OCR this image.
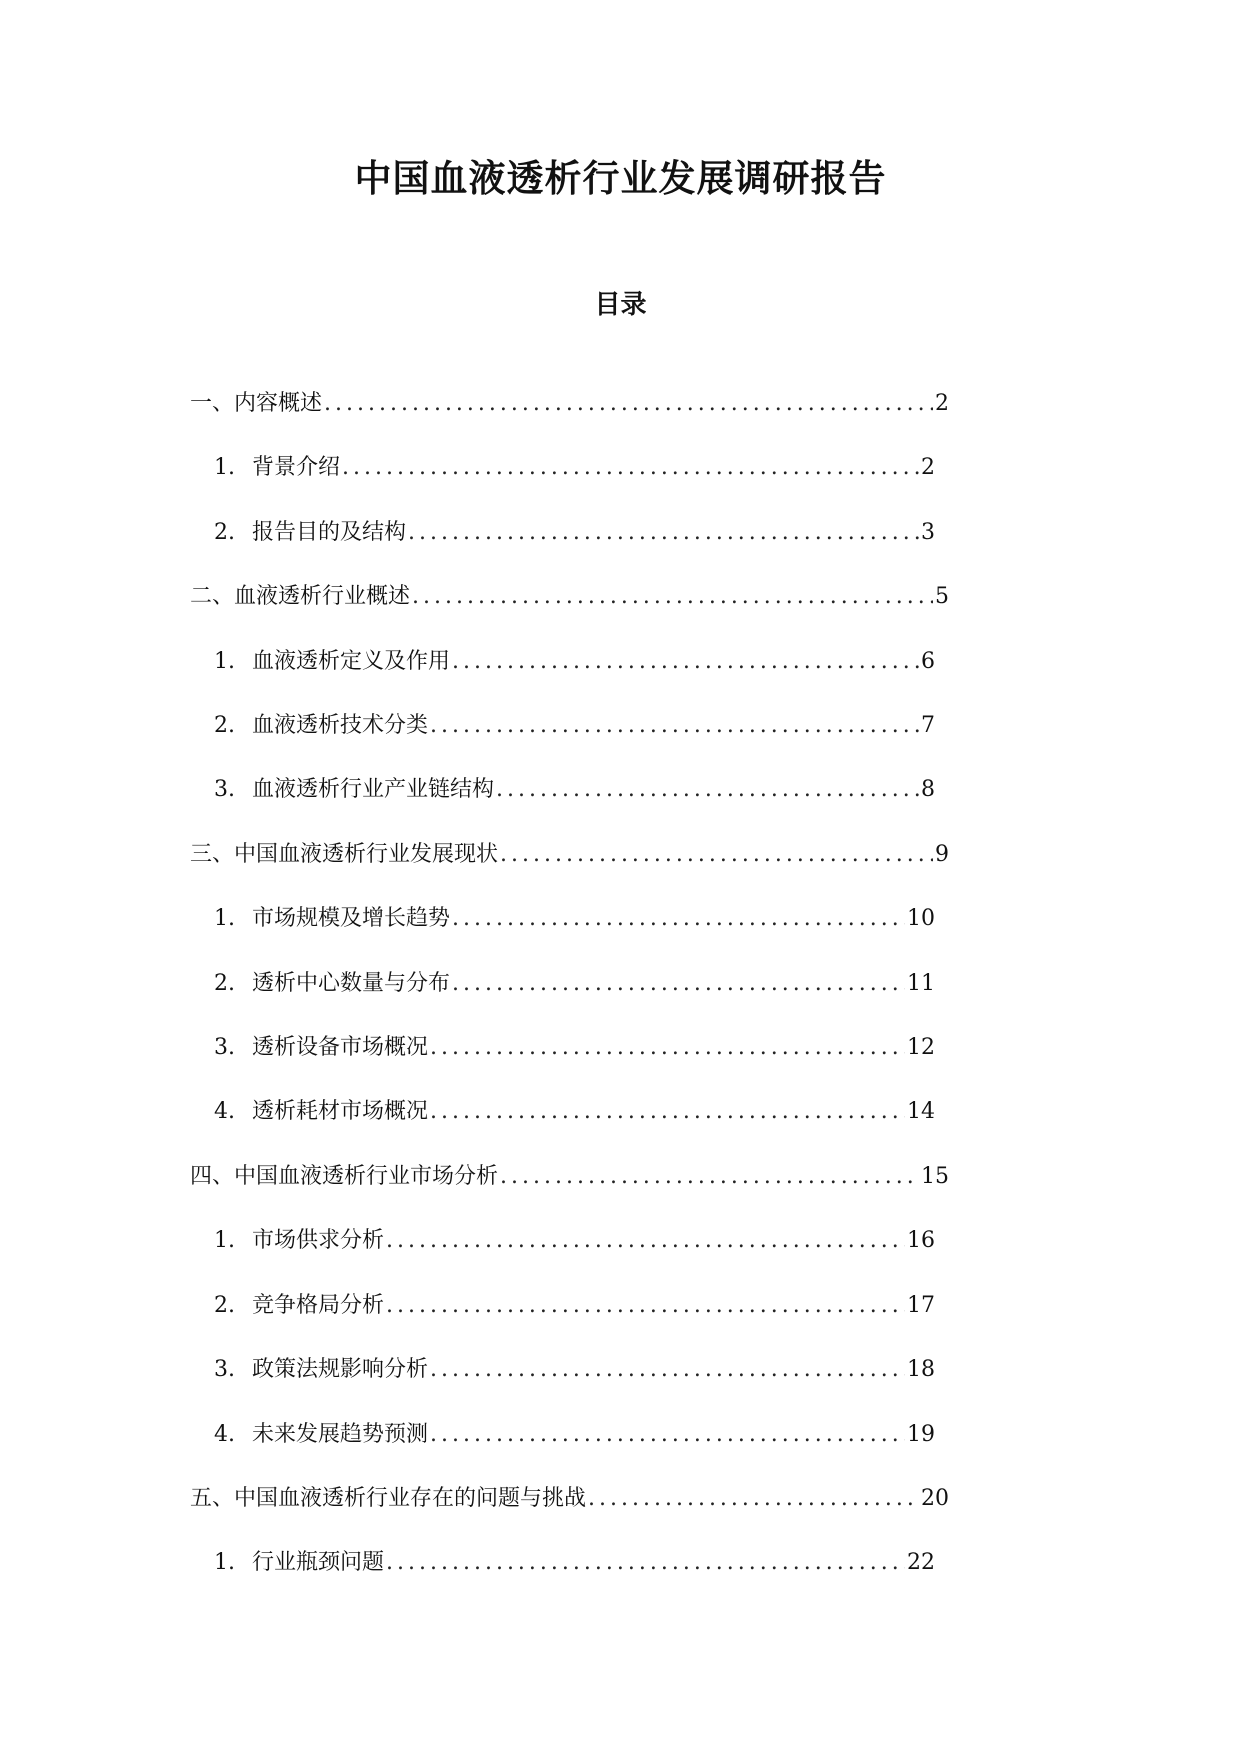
中国血液透析行业发展调研报告
目录
一、内容概述 .....	2
1. 背景介绍 .....	2
2. 报告目的及结构 .....	3
二、血液透析行业概述 .....	5
1. 血液透析定义及作用 .....	6
2. 血液透析技术分类 .....	7
3. 血液透析行业产业链结构 .....	8
三、中国血液透析行业发展现状 .....	9
1. 市场规模及增长趋势 .....	10
2. 透析中心数量与分布 .....	11
3. 透析设备市场概况 .....	12
4. 透析耗材市场概况 .....	14
四、中国血液透析行业市场分析 .....	15
1. 市场供求分析 .....	16
2. 竞争格局分析 .....	17
3. 政策法规影响分析 .....	18
4. 未来发展趋势预测 .....	19
五、中国血液透析行业存在的问题与挑战 .....	20
1. 行业瓶颈问题 .....	22
